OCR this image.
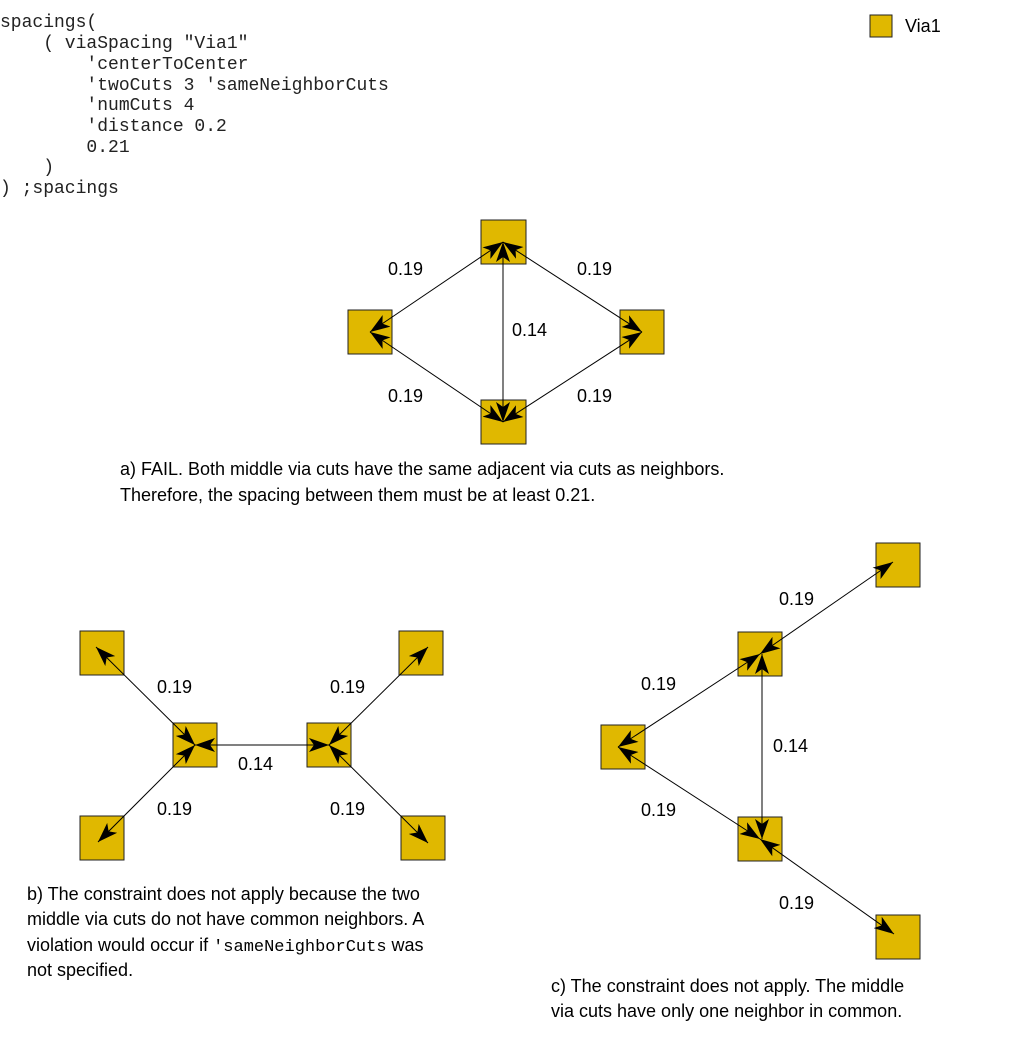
spacings(
( viaSpacing "Via1"
'centerToCenter
'twoCuts 3 'sameNeighborCuts
'numCuts 4
'distance 0.2
0.21
)
) ;spacings
Via1
0.19	0.19
0.19	0.19
0.14
a) FAIL. Both middle via cuts have the same adjacent via cuts as neighbors.
Therefore, the spacing between them must be at least 0.21.
0.19	0.19
0.19	0.19
0.14
b) The constraint does not apply because the two
middle via cuts do not have common neighbors. A
violation would occur if 'sameNeighborCuts was
not specified.
0.19
0.19
0.19
0.19
0.14
c) The constraint does not apply. The middle
via cuts have only one neighbor in common.
